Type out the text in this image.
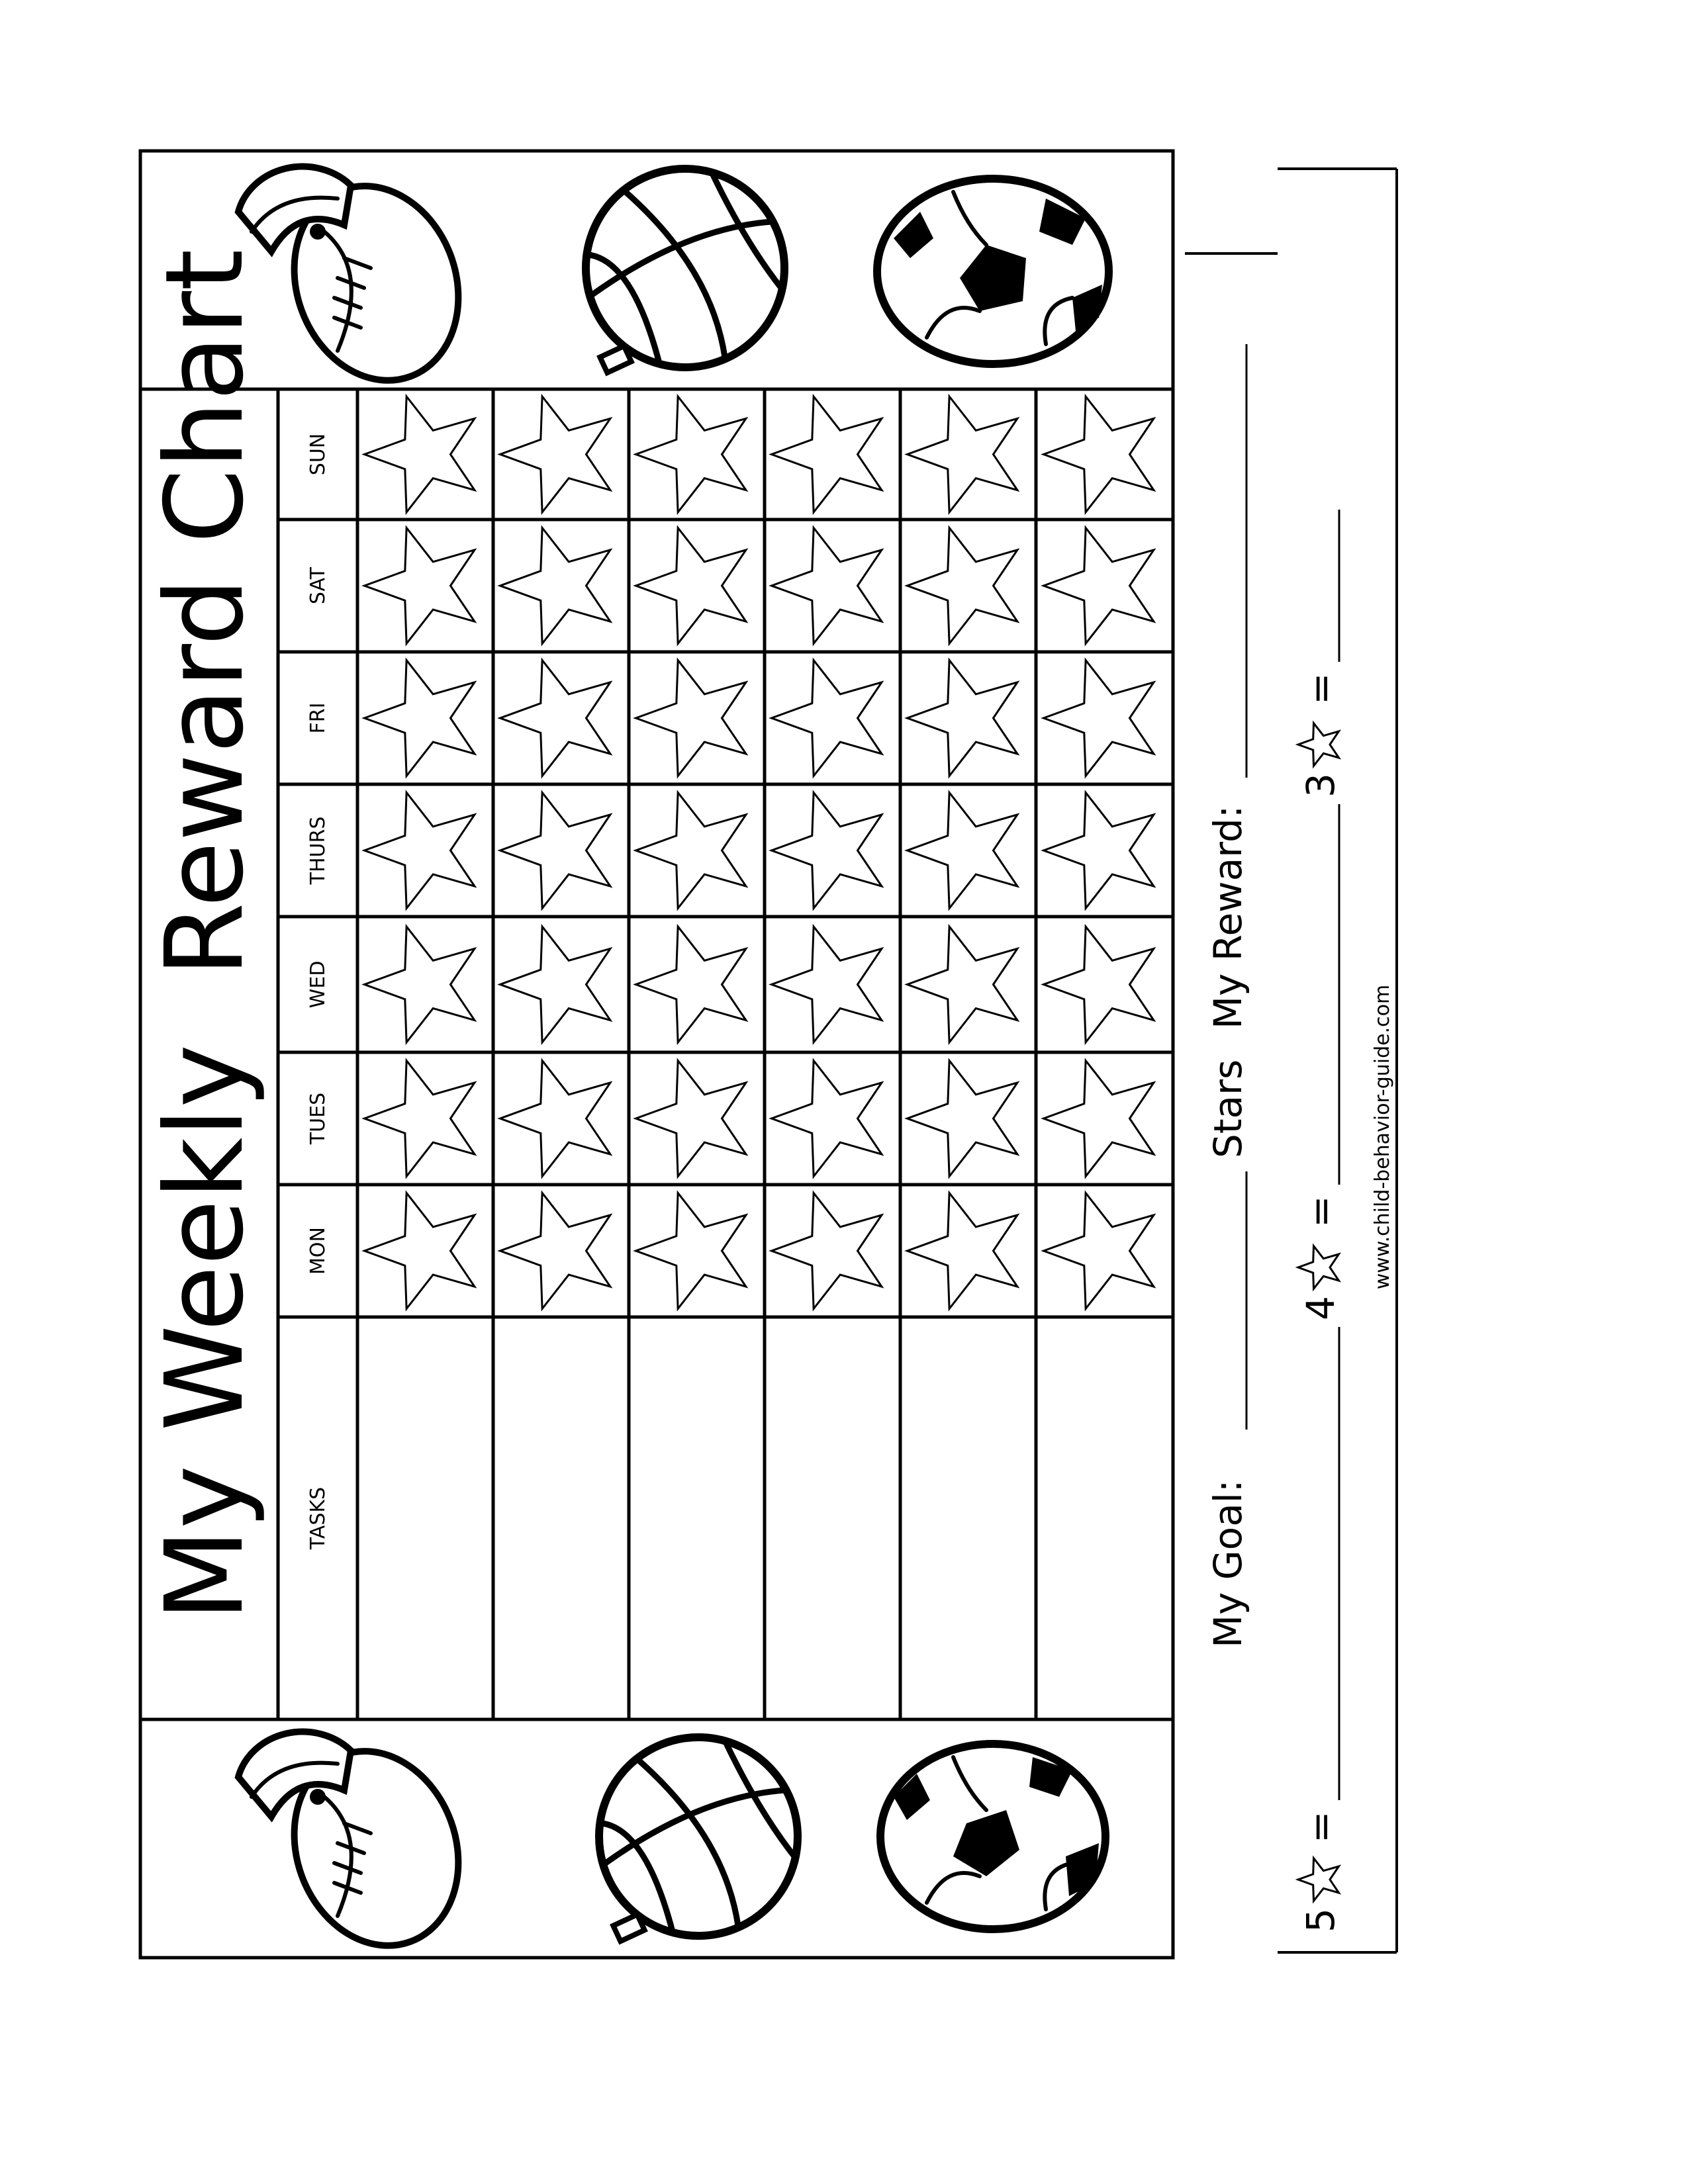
My Weekly Reward Chart
TASKS
MON
TUES
WED
THURS
FRI
SAT
SUN
My Goal:
Stars
My Reward:
5
=
4
=
3
=
www.child-behavior-guide.com
